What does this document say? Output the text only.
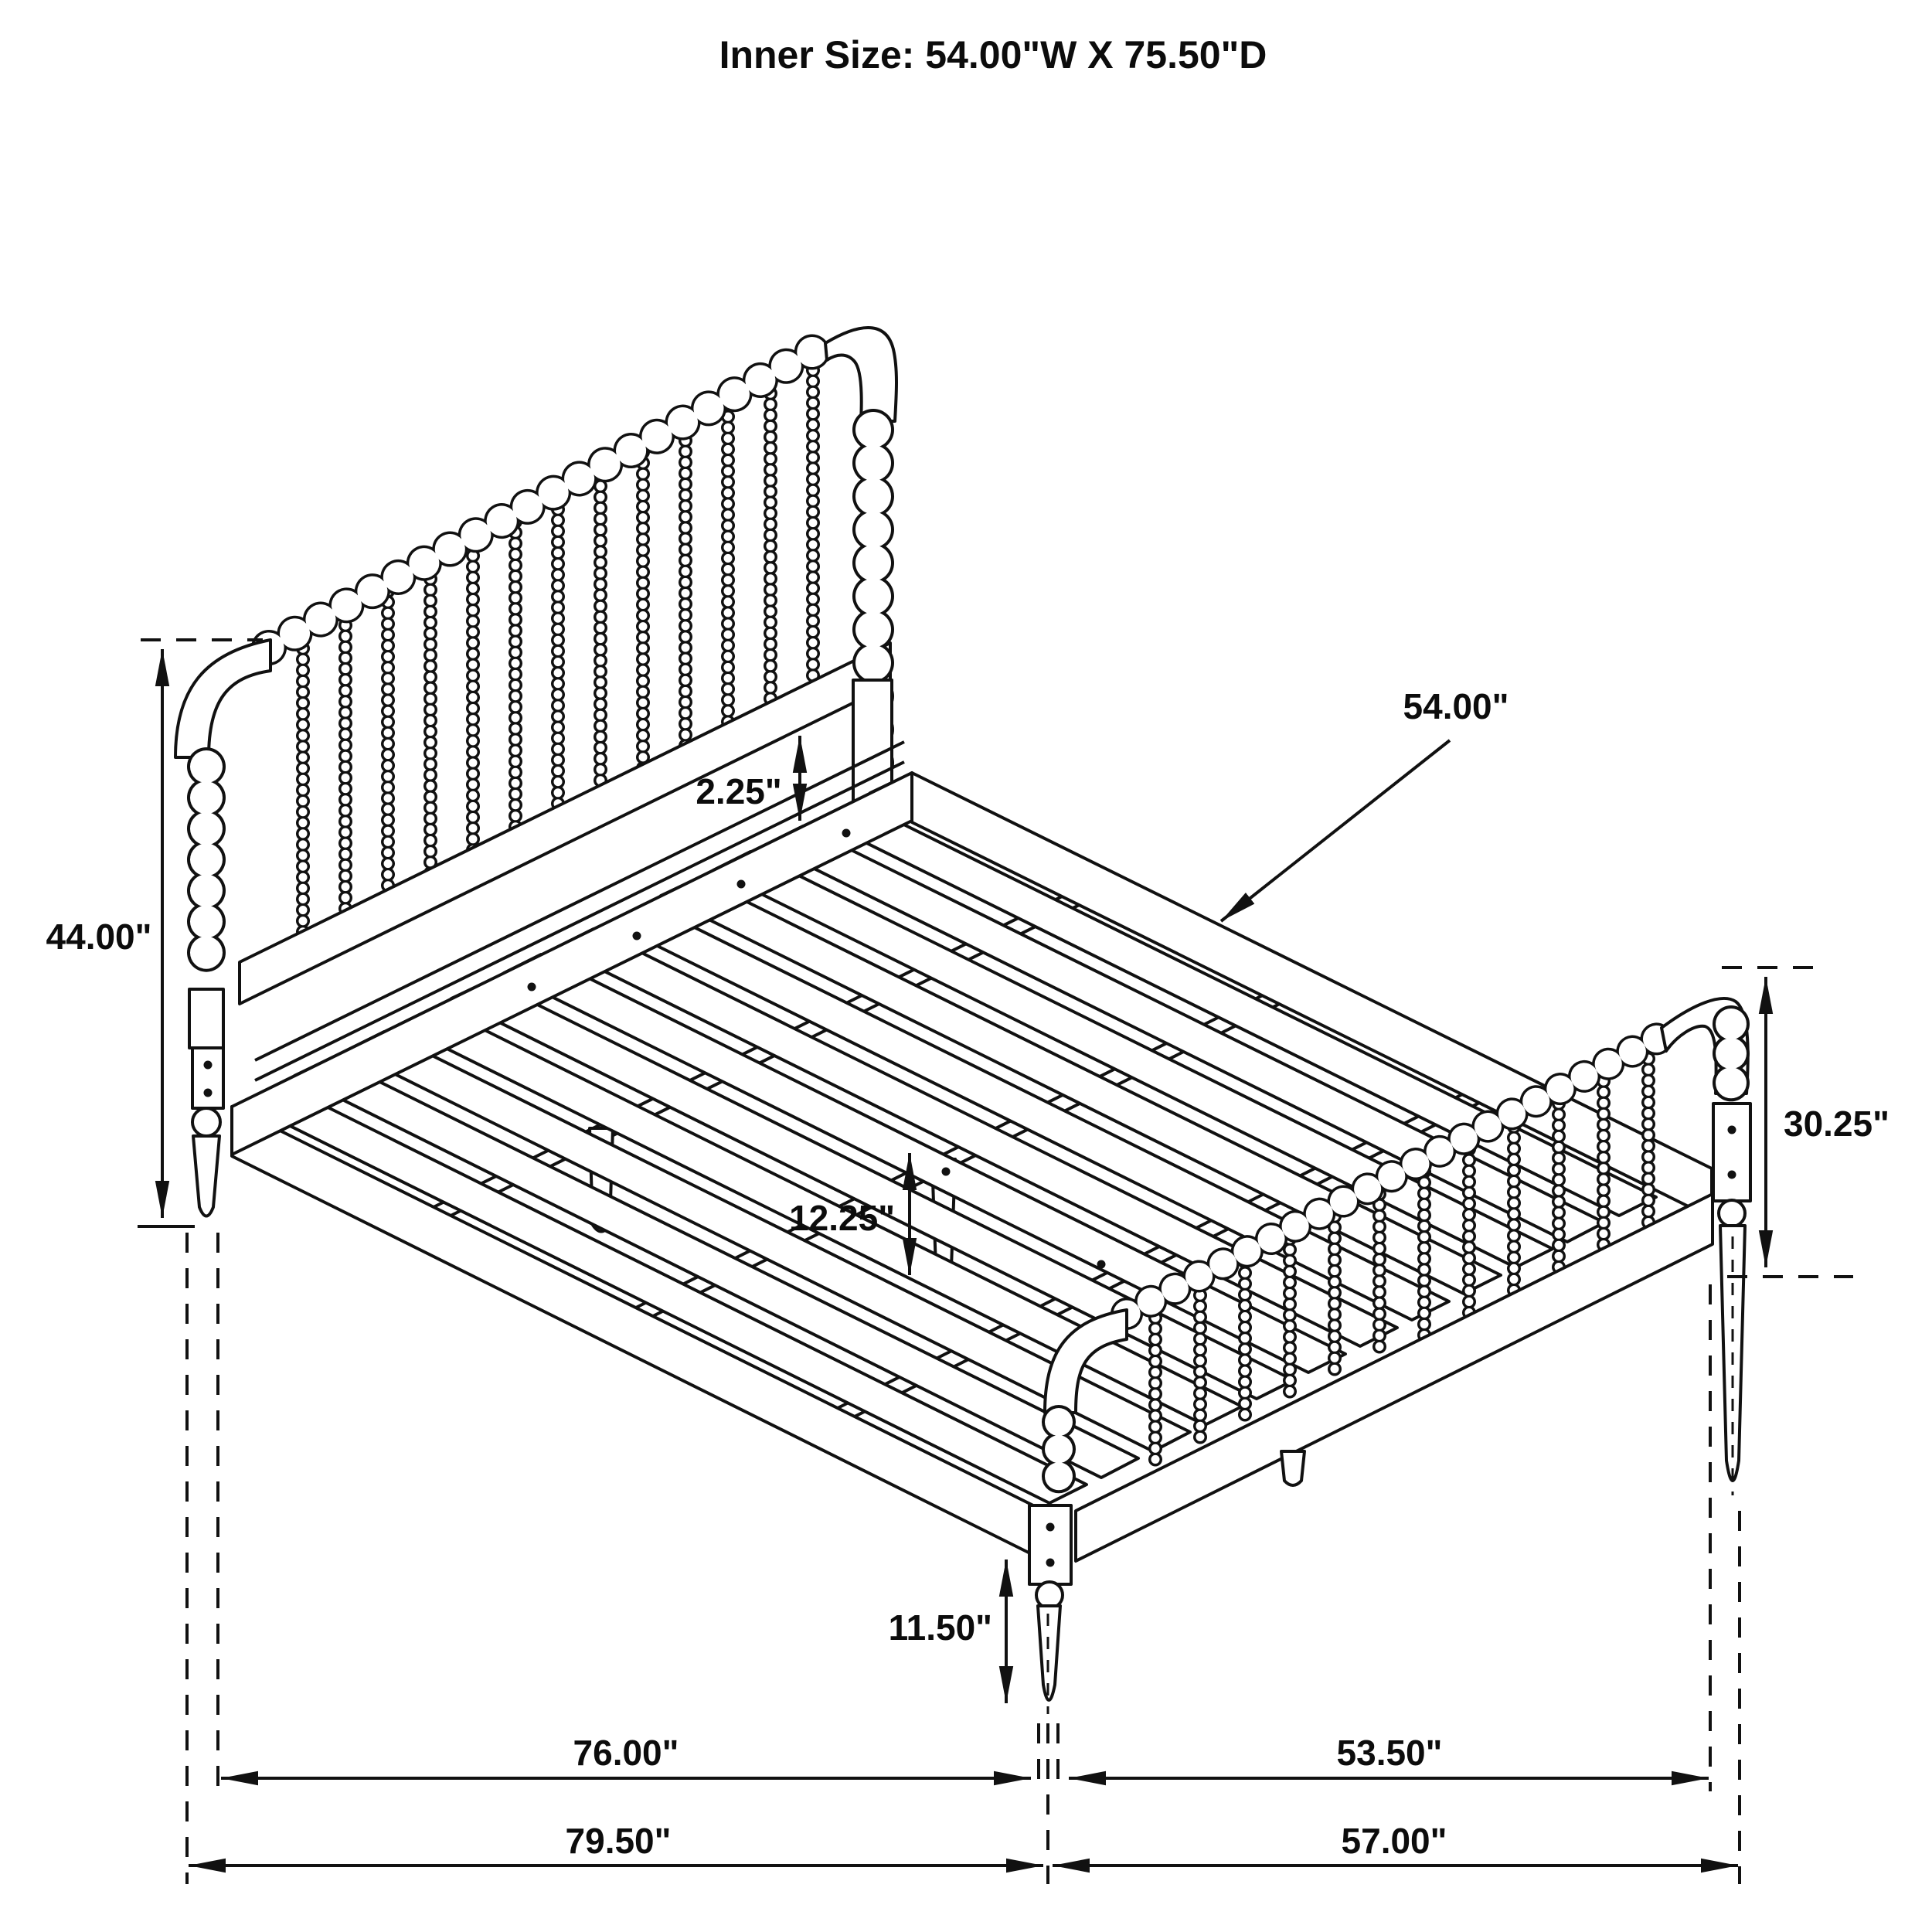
Inner Size: 54.00"W X 75.50"D
44.00"
2.25"
54.00"
12.25"
30.25"
11.50"
76.00"	53.50"
79.50"	57.00"
